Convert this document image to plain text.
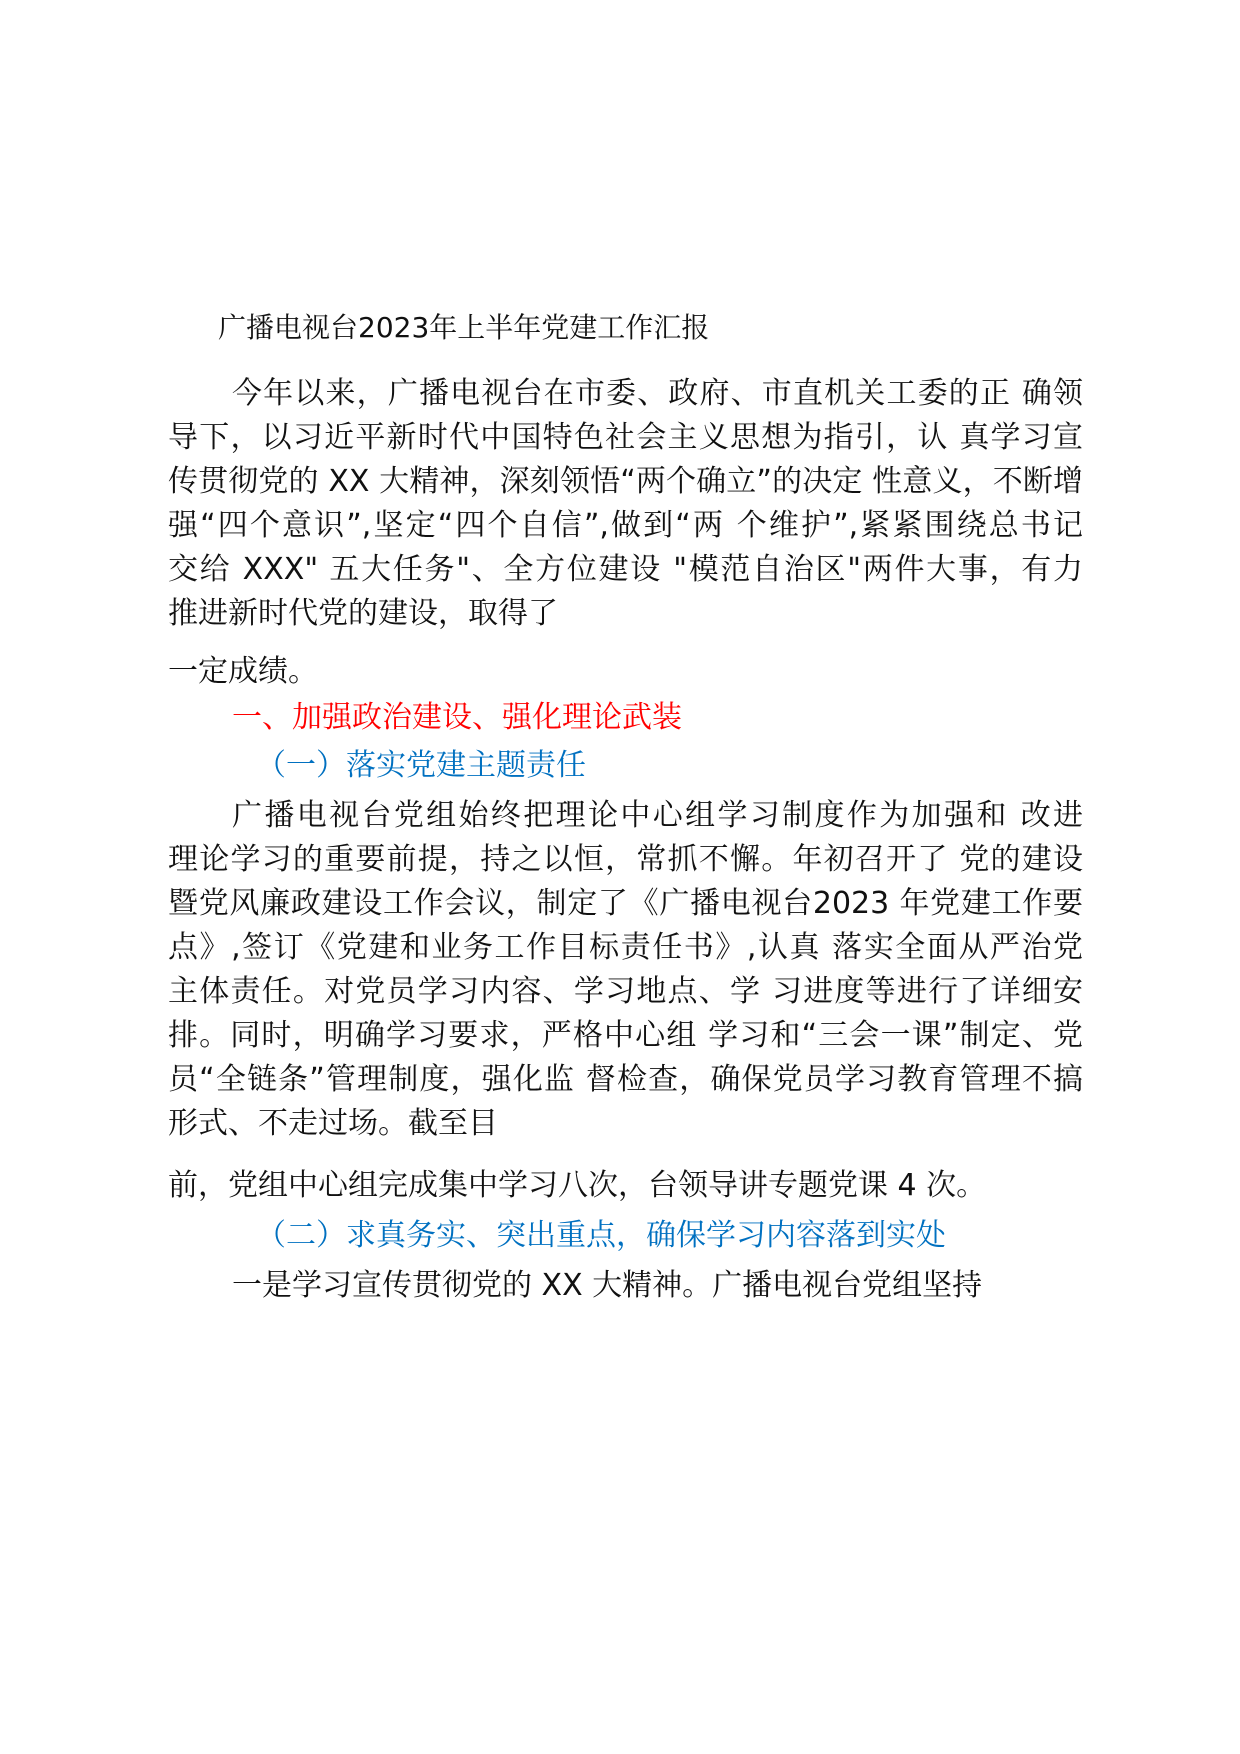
广播电视台2023年上半年党建工作汇报
今年以来，广播电视台在市委、政府、市直机关工委的正 确领
导下，以习近平新时代中国特色社会主义思想为指引，认 真学习宣
传贯彻党的 XX 大精神，深刻领悟“两个确立”的决定 性意义，不断增
强“四个意识”,坚定“四个自信”,做到“两 个维护”,紧紧围绕总书记
交给 XXX" 五大任务"、全方位建设 "模范自治区"两件大事，有力
推进新时代党的建设，取得了
一定成绩。
一、加强政治建设、强化理论武装
（一）落实党建主题责任
广播电视台党组始终把理论中心组学习制度作为加强和 改进
理论学习的重要前提，持之以恒，常抓不懈。年初召开了 党的建设
暨党风廉政建设工作会议，制定了《广播电视台2023 年党建工作要
点》,签订《党建和业务工作目标责任书》,认真 落实全面从严治党
主体责任。对党员学习内容、学习地点、学 习进度等进行了详细安
排。同时，明确学习要求，严格中心组 学习和“三会一课”制定、党
员“全链条”管理制度，强化监 督检查，确保党员学习教育管理不搞
形式、不走过场。截至目
前，党组中心组完成集中学习八次，台领导讲专题党课 4 次。
（二）求真务实、突出重点，确保学习内容落到实处
一是学习宣传贯彻党的 XX 大精神。广播电视台党组坚持
